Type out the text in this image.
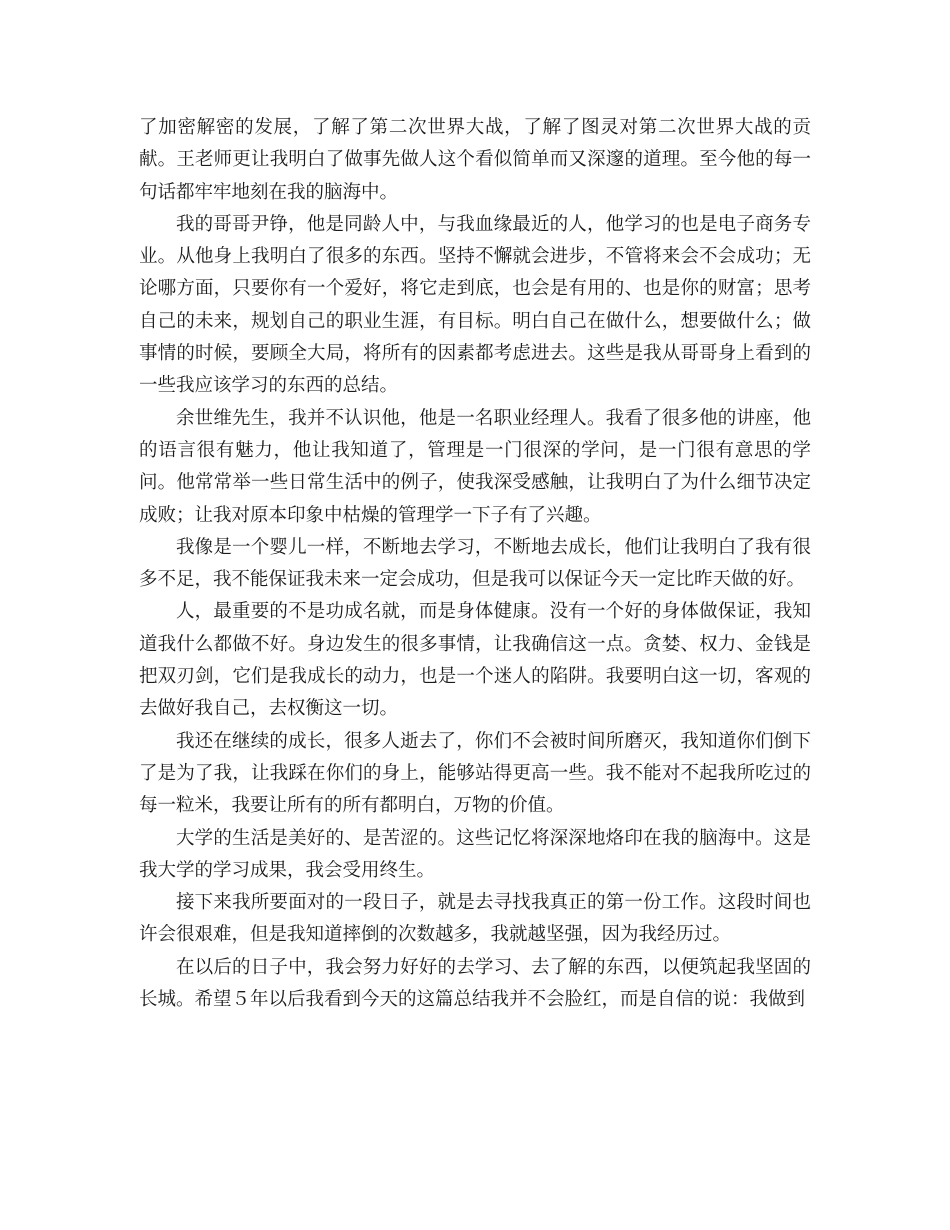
了加密解密的发展，了解了第二次世界大战，了解了图灵对第二次世界大战的贡献。王老师更让我明白了做事先做人这个看似简单而又深邃的道理。至今他的每一句话都牢牢地刻在我的脑海中。

我的哥哥尹铮，他是同龄人中，与我血缘最近的人，他学习的也是电子商务专业。从他身上我明白了很多的东西。坚持不懈就会进步，不管将来会不会成功；无论哪方面，只要你有一个爱好，将它走到底，也会是有用的、也是你的财富；思考自己的未来，规划自己的职业生涯，有目标。明白自己在做什么，想要做什么；做事情的时候，要顾全大局，将所有的因素都考虑进去。这些是我从哥哥身上看到的一些我应该学习的东西的总结。

余世维先生，我并不认识他，他是一名职业经理人。我看了很多他的讲座，他的语言很有魅力，他让我知道了，管理是一门很深的学问，是一门很有意思的学问。他常常举一些日常生活中的例子，使我深受感触，让我明白了为什么细节决定成败；让我对原本印象中枯燥的管理学一下子有了兴趣。

我像是一个婴儿一样，不断地去学习，不断地去成长，他们让我明白了我有很多不足，我不能保证我未来一定会成功，但是我可以保证今天一定比昨天做的好。

人，最重要的不是功成名就，而是身体健康。没有一个好的身体做保证，我知道我什么都做不好。身边发生的很多事情，让我确信这一点。贪婪、权力、金钱是把双刃剑，它们是我成长的动力，也是一个迷人的陷阱。我要明白这一切，客观的去做好我自己，去权衡这一切。

我还在继续的成长，很多人逝去了，你们不会被时间所磨灭，我知道你们倒下了是为了我，让我踩在你们的身上，能够站得更高一些。我不能对不起我所吃过的每一粒米，我要让所有的所有都明白，万物的价值。

大学的生活是美好的、是苦涩的。这些记忆将深深地烙印在我的脑海中。这是我大学的学习成果，我会受用终生。

接下来我所要面对的一段日子，就是去寻找我真正的第一份工作。这段时间也许会很艰难，但是我知道摔倒的次数越多，我就越坚强，因为我经历过。

在以后的日子中，我会努力好好的去学习、去了解的东西，以便筑起我坚固的长城。希望５年以后我看到今天的这篇总结我并不会脸红，而是自信的说：我做到
